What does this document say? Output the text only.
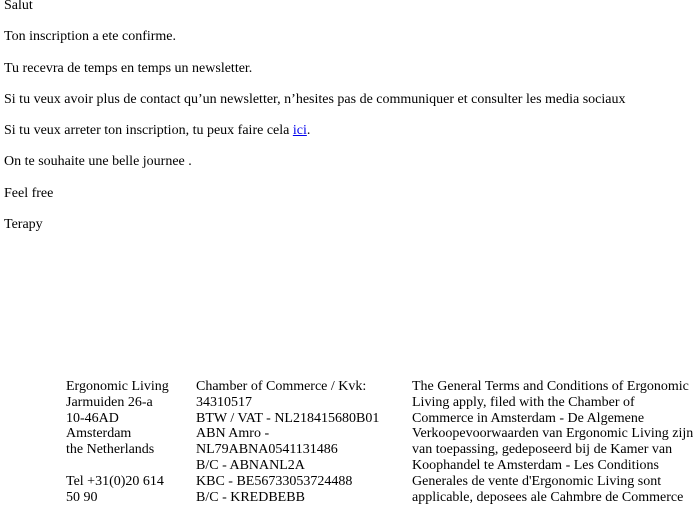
Salut

Ton inscription a ete confirme.

Tu recevra de temps en temps un newsletter.

Si tu veux avoir plus de contact qu’un newsletter, n’hesites pas de communiquer et consulter les media sociaux

Si tu veux arreter ton inscription, tu peux faire cela ici.

On te souhaite une belle journee .

Feel free

Terapy

Ergonomic Living
Jarmuiden 26-a
10-46AD
Amsterdam
the Netherlands
Tel +31(0)20 614
50 90
Chamber of Commerce / Kvk:
34310517
BTW / VAT - NL218415680B01
ABN Amro -
NL79ABNA0541131486
B/C - ABNANL2A
KBC - BE56733053724488
B/C - KREDBEBB
The General Terms and Conditions of Ergonomic
Living apply, filed with the Chamber of
Commerce in Amsterdam - De Algemene
Verkoopevoorwaarden van Ergonomic Living zijn
van toepassing, gedeposeerd bij de Kamer van
Koophandel te Amsterdam - Les Conditions
Generales de vente d'Ergonomic Living sont
applicable, deposees ale Cahmbre de Commerce
